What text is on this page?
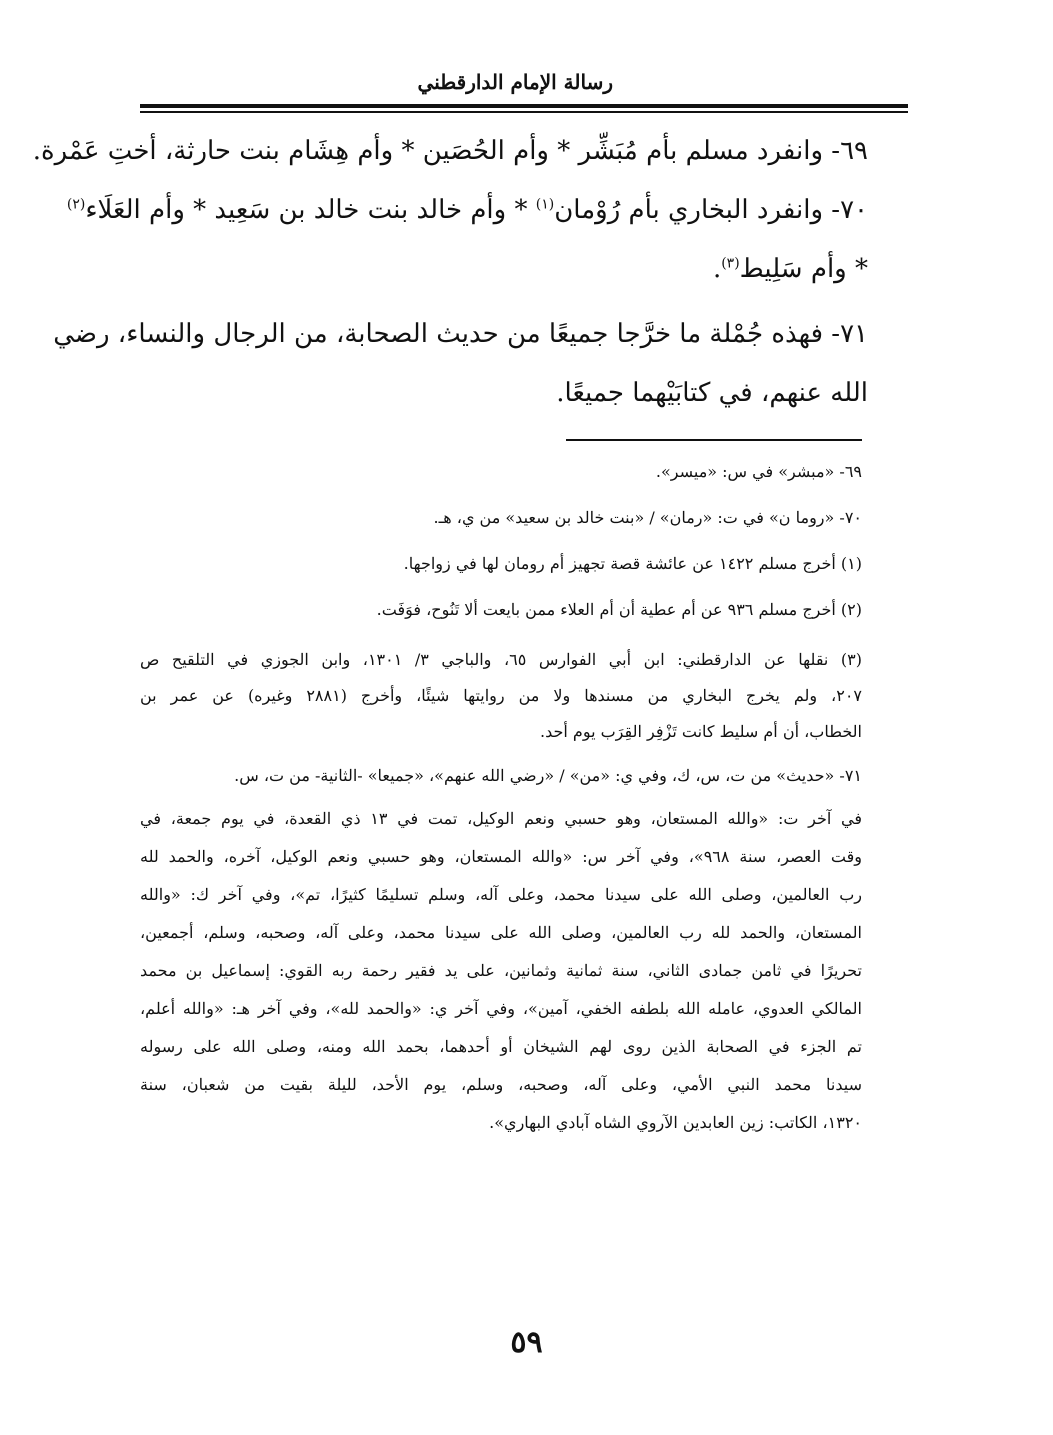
رسالة الإمام الدارقطني
٦٩- وانفرد مسلم بأم مُبَشِّر * وأم الحُصَين * وأم هِشَام بنت حارثة، أختِ عَمْرة.
٧٠- وانفرد البخاري بأم رُوْمان$^{(١)}$ * وأم خالد بنت خالد بن سَعِيد * وأم العَلَاء$^{(٢)}$
* وأم سَلِيط$^{(٣)}$.
٧١- فهذه جُمْلة ما خرَّجا جميعًا من حديث الصحابة، من الرجال والنساء، رضي
الله عنهم، في كتابَيْهما جميعًا.
٦٩- «مبشر» في س: «ميسر».
٧٠- «روما ن» في ت: «رمان» / «بنت خالد بن سعيد» من ي، هـ.
(١) أخرج مسلم ١٤٢٢ عن عائشة قصة تجهيز أم رومان لها في زواجها.
(٢) أخرج مسلم ٩٣٦ عن أم عطية أن أم العلاء ممن بايعت ألا تَنُوح، فوَفَت.
(٣) نقلها عن الدارقطني: ابن أبي الفوارس ٦٥، والباجي ٣/ ١٣٠١، وابن الجوزي في التلقيح ص
٢٠٧، ولم يخرج البخاري من مسندها ولا من روايتها شيئًا، وأخرج (٢٨٨١ وغيره) عن عمر بن
الخطاب، أن أم سليط كانت تَزْفِر القِرَب يوم أحد.
٧١- «حديث» من ت، س، ك، وفي ي: «من» / «رضي الله عنهم»، «جميعا» -الثانية- من ت، س.
في آخر ت: «والله المستعان، وهو حسبي ونعم الوكيل، تمت في ١٣ ذي القعدة، في يوم جمعة، في
وقت العصر، سنة ٩٦٨»، وفي آخر س: «والله المستعان، وهو حسبي ونعم الوكيل، آخره، والحمد لله
رب العالمين، وصلى الله على سيدنا محمد، وعلى آله، وسلم تسليمًا كثيرًا، تم»، وفي آخر ك: «والله
المستعان، والحمد لله رب العالمين، وصلى الله على سيدنا محمد، وعلى آله، وصحبه، وسلم، أجمعين،
تحريرًا في ثامن جمادى الثاني، سنة ثمانية وثمانين، على يد فقير رحمة ربه القوي: إسماعيل بن محمد
المالكي العدوي، عامله الله بلطفه الخفي، آمين»، وفي آخر ي: «والحمد لله»، وفي آخر هـ: «والله أعلم،
تم الجزء في الصحابة الذين روى لهم الشيخان أو أحدهما، بحمد الله ومنه، وصلى الله على رسوله
سيدنا محمد النبي الأمي، وعلى آله، وصحبه، وسلم، يوم الأحد، لليلة بقيت من شعبان، سنة
١٣٢٠، الكاتب: زين العابدين الآروي الشاه آبادي البهاري».
٥٩
